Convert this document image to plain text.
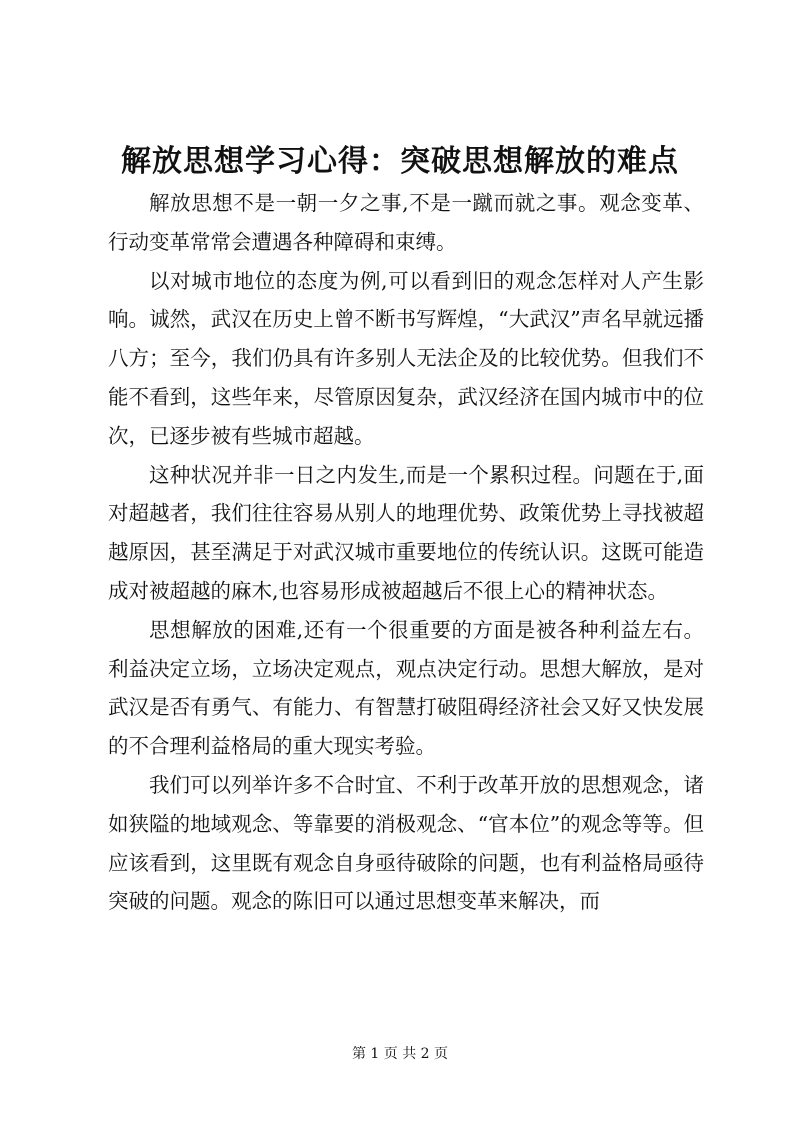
解放思想学习心得：突破思想解放的难点

解放思想不是一朝一夕之事,不是一蹴而就之事。观念变革、行动变革常常会遭遇各种障碍和束缚。

以对城市地位的态度为例,可以看到旧的观念怎样对人产生影响。诚然，武汉在历史上曾不断书写辉煌，“大武汉”声名早就远播八方；至今，我们仍具有许多别人无法企及的比较优势。但我们不能不看到，这些年来，尽管原因复杂，武汉经济在国内城市中的位次，已逐步被有些城市超越。

这种状况并非一日之内发生,而是一个累积过程。问题在于,面对超越者，我们往往容易从别人的地理优势、政策优势上寻找被超越原因，甚至满足于对武汉城市重要地位的传统认识。这既可能造成对被超越的麻木,也容易形成被超越后不很上心的精神状态。

思想解放的困难,还有一个很重要的方面是被各种利益左右。利益决定立场，立场决定观点，观点决定行动。思想大解放，是对武汉是否有勇气、有能力、有智慧打破阻碍经济社会又好又快发展的不合理利益格局的重大现实考验。

我们可以列举许多不合时宜、不利于改革开放的思想观念，诸如狭隘的地域观念、等靠要的消极观念、“官本位”的观念等等。但应该看到，这里既有观念自身亟待破除的问题，也有利益格局亟待突破的问题。观念的陈旧可以通过思想变革来解决，而

第 1 页 共 2 页
